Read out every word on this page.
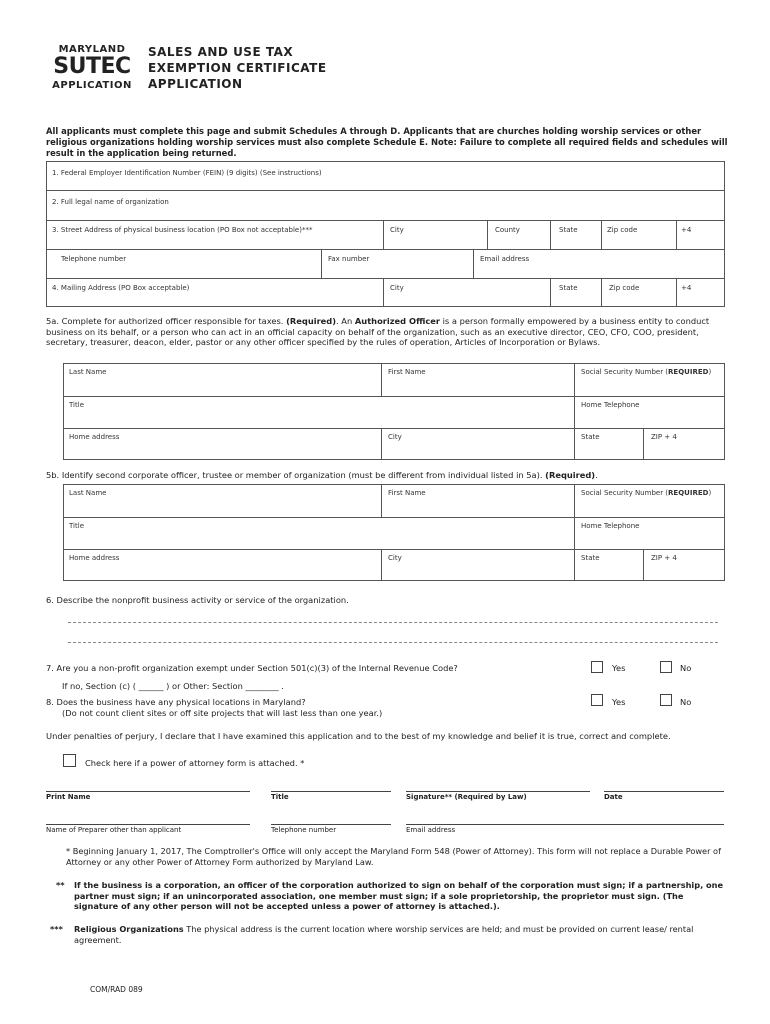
MARYLAND
SUTEC
APPLICATION
SALES AND USE TAX
EXEMPTION CERTIFICATE
APPLICATION
All applicants must complete this page and submit Schedules A through D. Applicants that are churches holding worship services or other religious organizations holding worship services must also complete Schedule E. Note: Failure to complete all required fields and schedules will result in the application being returned.
1. Federal Employer Identification Number (FEIN) (9 digits) (See instructions)
2. Full legal name of organization
3. Street Address of physical business location (PO Box not acceptable)***	City	County	State	Zip code	+4
Telephone number	Fax number	Email address
4. Mailing Address (PO Box acceptable)	City	State	Zip code	+4
5a. Complete for authorized officer responsible for taxes. (Required). An Authorized Officer is a person formally empowered by a business entity to conduct business on its behalf, or a person who can act in an official capacity on behalf of the organization, such as an executive director, CEO, CFO, COO, president, secretary, treasurer, deacon, elder, pastor or any other officer specified by the rules of operation, Articles of Incorporation or Bylaws.
Last Name	First Name	Social Security Number (REQUIRED)
Title	Home Telephone
Home address	City	State	ZIP + 4
5b. Identify second corporate officer, trustee or member of organization (must be different from individual listed in 5a). (Required).
Last Name	First Name	Social Security Number (REQUIRED)
Title	Home Telephone
Home address	City	State	ZIP + 4
6. Describe the nonprofit business activity or service of the organization.
7. Are you a non-profit organization exempt under Section 501(c)(3) of the Internal Revenue Code?	Yes	No
If no, Section (c) ( ______ ) or Other: Section ________ .
8. Does the business have any physical locations in Maryland?
(Do not count client sites or off site projects that will last less than one year.)
Yes	No
Under penalties of perjury, I declare that I have examined this application and to the best of my knowledge and belief it is true, correct and complete.
Check here if a power of attorney form is attached. *
Print Name	Title	Signature** (Required by Law)	Date
Name of Preparer other than applicant	Telephone number	Email address
* Beginning January 1, 2017, The Comptroller's Office will only accept the Maryland Form 548 (Power of Attorney). This form will not replace a Durable Power of Attorney or any other Power of Attorney Form authorized by Maryland Law.
**	If the business is a corporation, an officer of the corporation authorized to sign on behalf of the corporation must sign; if a partnership, one partner must sign; if an unincorporated association, one member must sign; if a sole proprietorship, the proprietor must sign. (The signature of any other person will not be accepted unless a power of attorney is attached.).
***	Religious Organizations The physical address is the current location where worship services are held; and must be provided on current lease/ rental agreement.
COM/RAD 089
